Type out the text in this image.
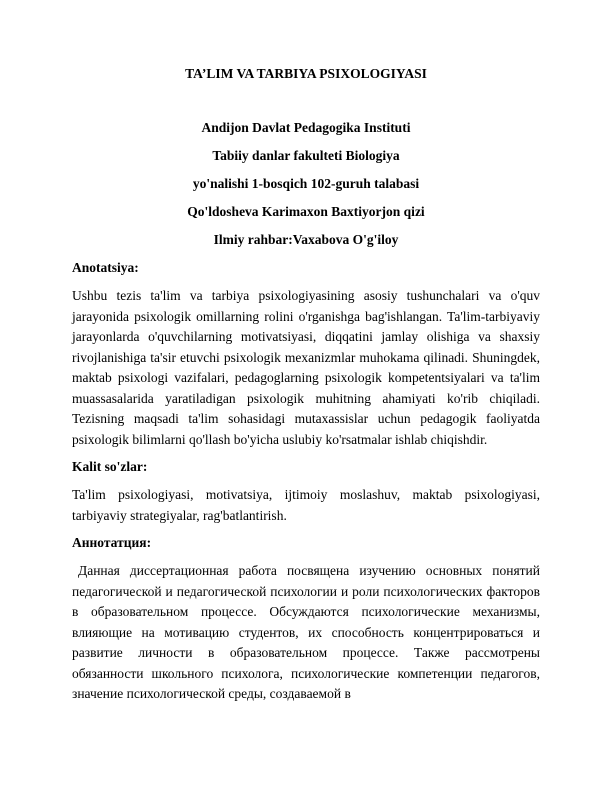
TA’LIM VA TARBIYA PSIXOLOGIYASI

Andijon Davlat Pedagogika Instituti
Tabiiy danlar fakulteti Biologiya
yo'nalishi 1-bosqich 102-guruh talabasi
Qo'ldosheva Karimaxon Baxtiyorjon qizi
Ilmiy rahbar:Vaxabova O'g'iloy

Anotatsiya:

Ushbu tezis ta'lim va tarbiya psixologiyasining asosiy tushunchalari va o'quv jarayonida psixologik omillarning rolini o'rganishga bag'ishlangan. Ta'lim-tarbiyaviy jarayonlarda o'quvchilarning motivatsiyasi, diqqatini jamlay olishiga va shaxsiy rivojlanishiga ta'sir etuvchi psixologik mexanizmlar muhokama qilinadi. Shuningdek, maktab psixologi vazifalari, pedagoglarning psixologik kompetentsiyalari va ta'lim muassasalarida yaratiladigan psixologik muhitning ahamiyati ko'rib chiqiladi. Tezisning maqsadi ta'lim sohasidagi mutaxassislar uchun pedagogik faoliyatda psixologik bilimlarni qo'llash bo'yicha uslubiy ko'rsatmalar ishlab chiqishdir.

Kalit so'zlar:

Ta'lim psixologiyasi, motivatsiya, ijtimoiy moslashuv, maktab psixologiyasi, tarbiyaviy strategiyalar, rag'batlantirish.

Аннотатция:

Данная диссертационная работа посвящена изучению основных понятий педагогической и педагогической психологии и роли психологических факторов в образовательном процессе. Обсуждаются психологические механизмы, влияющие на мотивацию студентов, их способность концентрироваться и развитие личности в образовательном процессе. Также рассмотрены обязанности школьного психолога, психологические компетенции педагогов, значение психологической среды, создаваемой в
